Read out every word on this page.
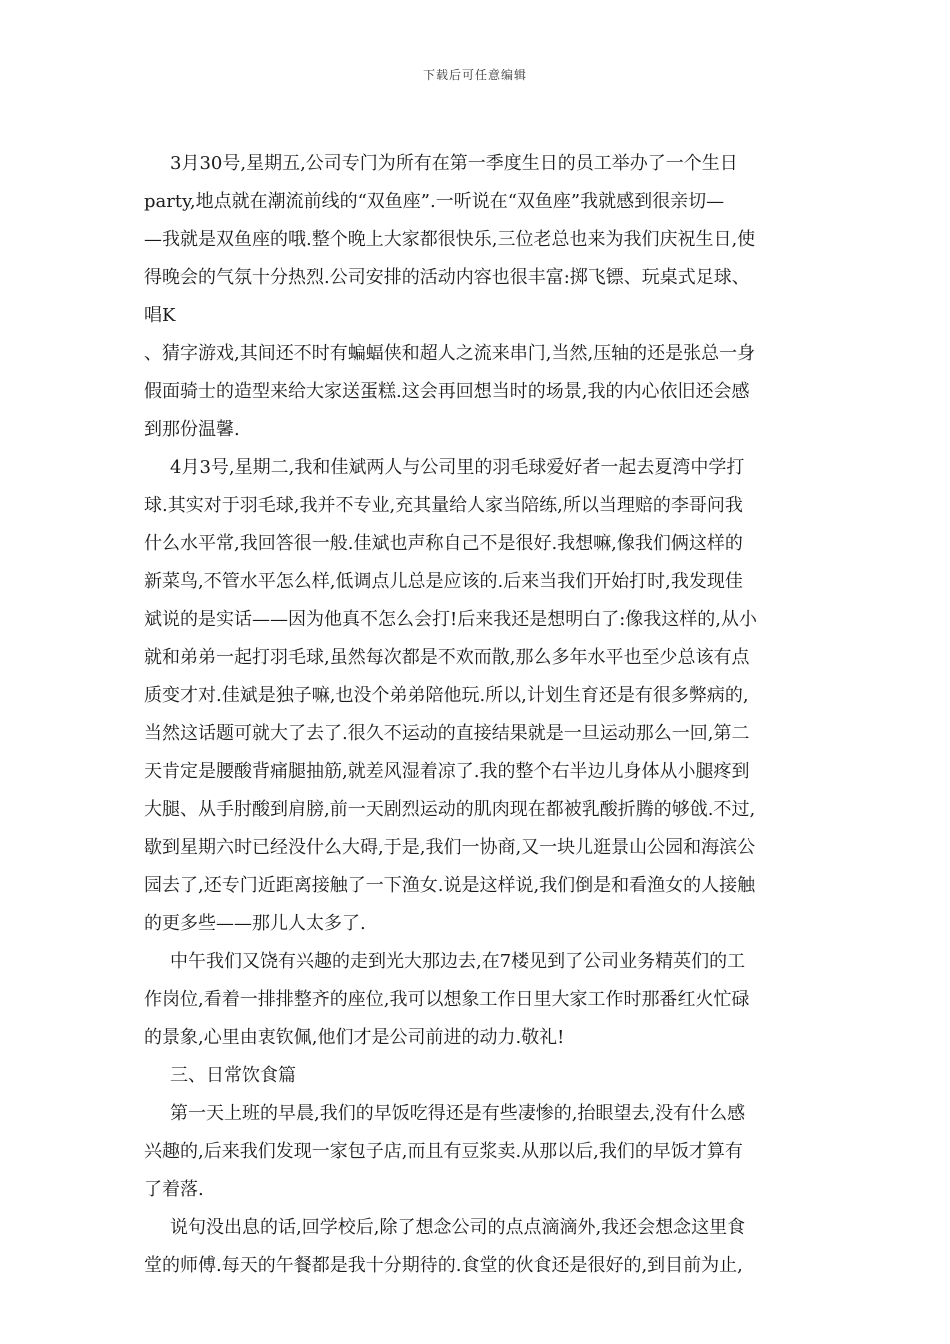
下载后可任意编辑
3月30号,星期五,公司专门为所有在第一季度生日的员工举办了一个生日
party,地点就在潮流前线的“双鱼座”.一听说在“双鱼座”我就感到很亲切—
—我就是双鱼座的哦.整个晚上大家都很快乐,三位老总也来为我们庆祝生日,使
得晚会的气氛十分热烈.公司安排的活动内容也很丰富:掷飞镖、玩桌式足球、
唱K
、猜字游戏,其间还不时有蝙蝠侠和超人之流来串门,当然,压轴的还是张总一身
假面骑士的造型来给大家送蛋糕.这会再回想当时的场景,我的内心依旧还会感
到那份温馨.
4月3号,星期二,我和佳斌两人与公司里的羽毛球爱好者一起去夏湾中学打
球.其实对于羽毛球,我并不专业,充其量给人家当陪练,所以当理赔的李哥问我
什么水平常,我回答很一般.佳斌也声称自己不是很好.我想嘛,像我们俩这样的
新菜鸟,不管水平怎么样,低调点儿总是应该的.后来当我们开始打时,我发现佳
斌说的是实话——因为他真不怎么会打!后来我还是想明白了:像我这样的,从小
就和弟弟一起打羽毛球,虽然每次都是不欢而散,那么多年水平也至少总该有点
质变才对.佳斌是独子嘛,也没个弟弟陪他玩.所以,计划生育还是有很多弊病的,
当然这话题可就大了去了.很久不运动的直接结果就是一旦运动那么一回,第二
天肯定是腰酸背痛腿抽筋,就差风湿着凉了.我的整个右半边儿身体从小腿疼到
大腿、从手肘酸到肩膀,前一天剧烈运动的肌肉现在都被乳酸折腾的够戗.不过,
歇到星期六时已经没什么大碍,于是,我们一协商,又一块儿逛景山公园和海滨公
园去了,还专门近距离接触了一下渔女.说是这样说,我们倒是和看渔女的人接触
的更多些——那儿人太多了.
中午我们又饶有兴趣的走到光大那边去,在7楼见到了公司业务精英们的工
作岗位,看着一排排整齐的座位,我可以想象工作日里大家工作时那番红火忙碌
的景象,心里由衷钦佩,他们才是公司前进的动力.敬礼!
三、日常饮食篇
第一天上班的早晨,我们的早饭吃得还是有些凄惨的,抬眼望去,没有什么感
兴趣的,后来我们发现一家包子店,而且有豆浆卖.从那以后,我们的早饭才算有
了着落.
说句没出息的话,回学校后,除了想念公司的点点滴滴外,我还会想念这里食
堂的师傅.每天的午餐都是我十分期待的.食堂的伙食还是很好的,到目前为止,
